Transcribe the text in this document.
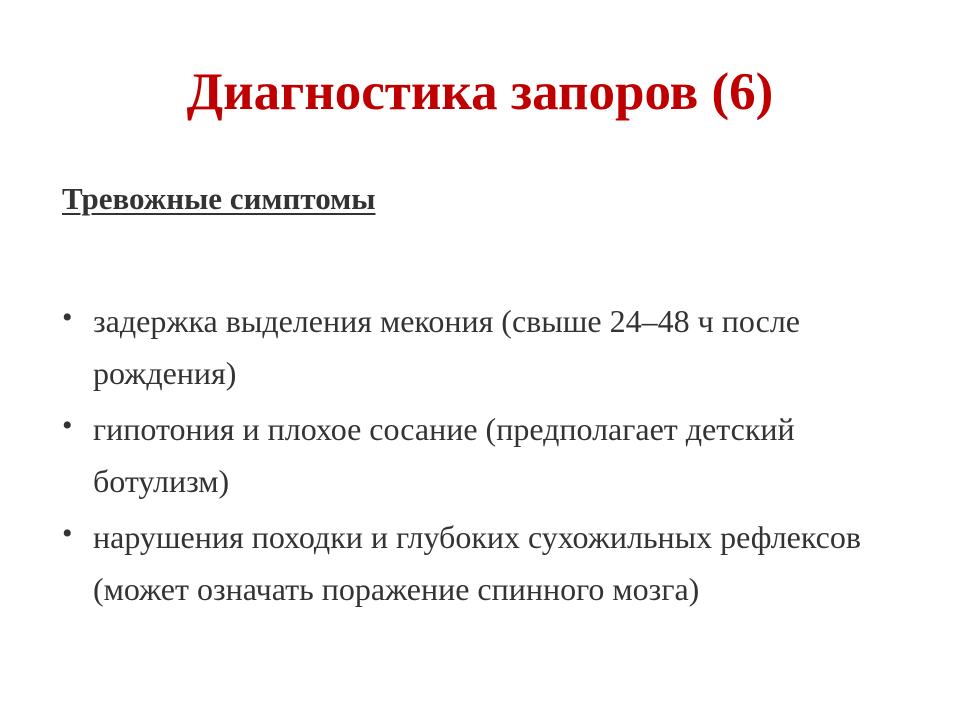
Диагностика запоров (6)
Тревожные симптомы
• задержка выделения мекония (свыше 24–48 ч после рождения)
• гипотония и плохое сосание (предполагает детский ботулизм)
• нарушения походки и глубоких сухожильных рефлексов (может означать поражение спинного мозга)
